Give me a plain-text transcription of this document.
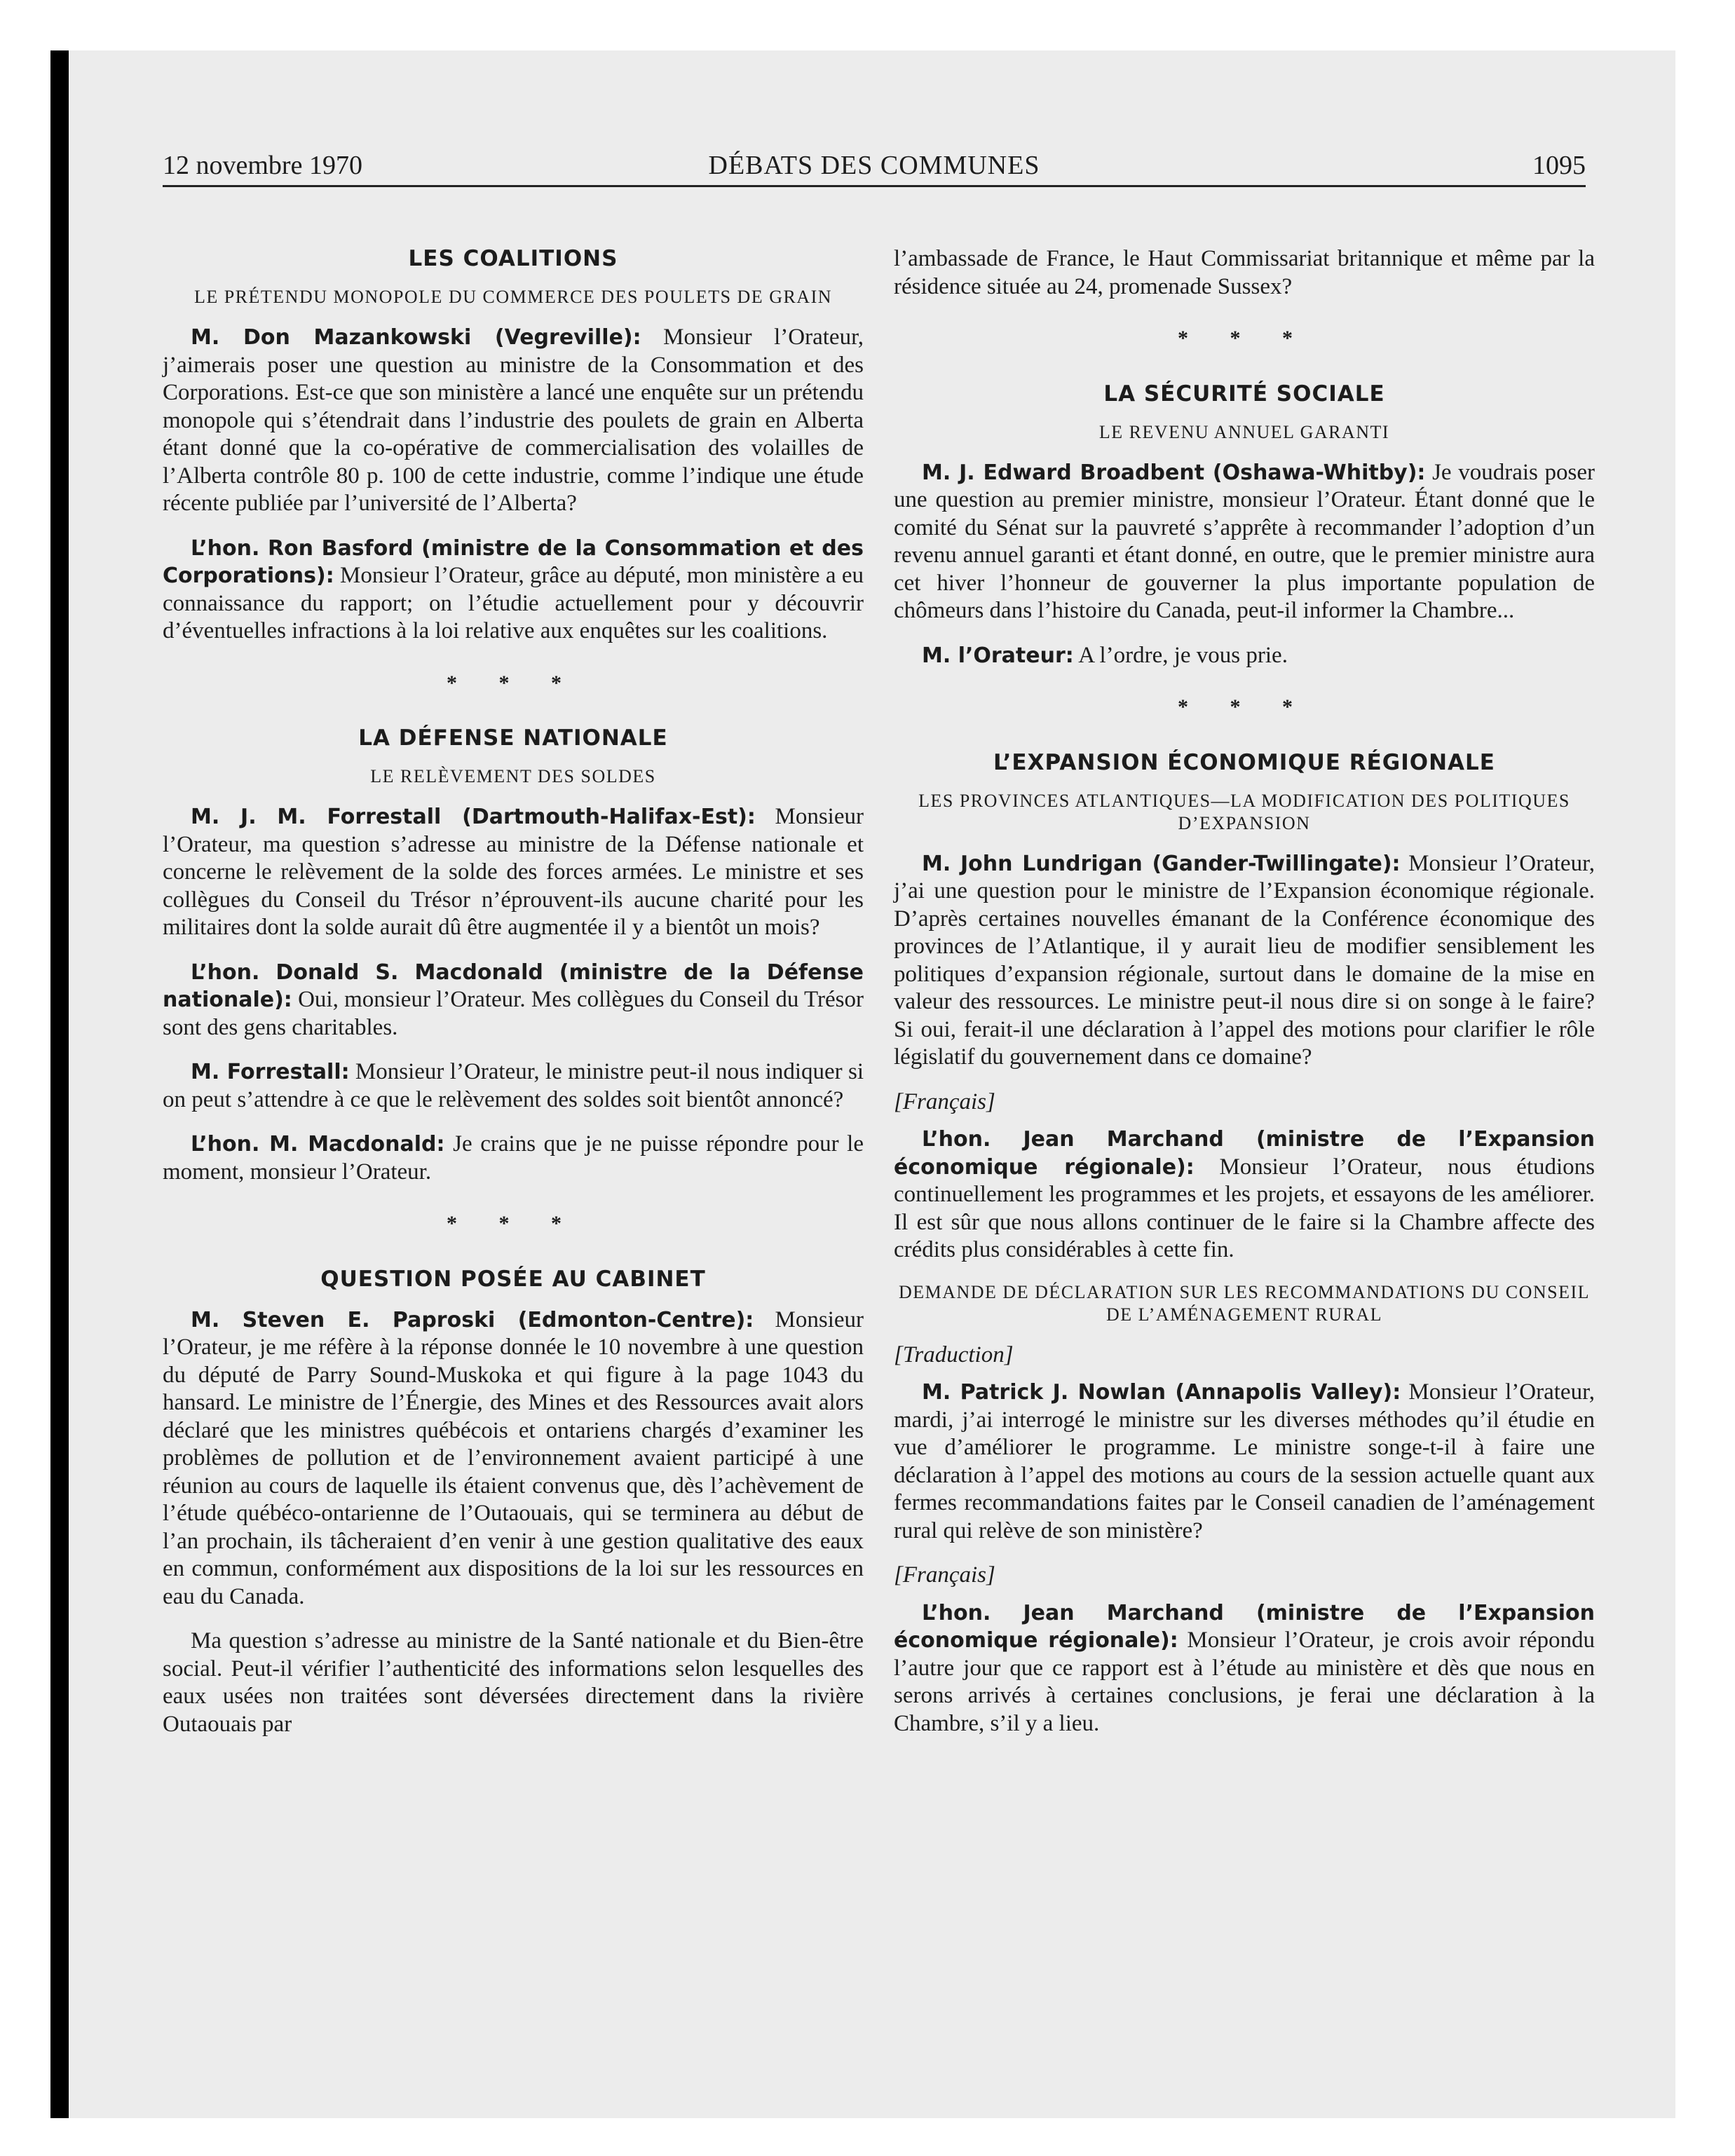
12 novembre 1970	DÉBATS DES COMMUNES	1095
LES COALITIONS
LE PRÉTENDU MONOPOLE DU COMMERCE DES POULETS DE GRAIN

M. Don Mazankowski (Vegreville): Monsieur l’Orateur, j’aimerais poser une question au ministre de la Consommation et des Corporations. Est-ce que son ministère a lancé une enquête sur un prétendu monopole qui s’étendrait dans l’industrie des poulets de grain en Alberta étant donné que la co-opérative de commercialisation des volailles de l’Alberta contrôle 80 p. 100 de cette industrie, comme l’indique une étude récente publiée par l’université de l’Alberta?

L’hon. Ron Basford (ministre de la Consommation et des Corporations): Monsieur l’Orateur, grâce au député, mon ministère a eu connaissance du rapport; on l’étudie actuellement pour y découvrir d’éventuelles infractions à la loi relative aux enquêtes sur les coalitions.

* * *
LA DÉFENSE NATIONALE
LE RELÈVEMENT DES SOLDES

M. J. M. Forrestall (Dartmouth-Halifax-Est): Monsieur l’Orateur, ma question s’adresse au ministre de la Défense nationale et concerne le relèvement de la solde des forces armées. Le ministre et ses collègues du Conseil du Trésor n’éprouvent-ils aucune charité pour les militaires dont la solde aurait dû être augmentée il y a bientôt un mois?

L’hon. Donald S. Macdonald (ministre de la Défense nationale): Oui, monsieur l’Orateur. Mes collègues du Conseil du Trésor sont des gens charitables.

M. Forrestall: Monsieur l’Orateur, le ministre peut-il nous indiquer si on peut s’attendre à ce que le relèvement des soldes soit bientôt annoncé?

L’hon. M. Macdonald: Je crains que je ne puisse répondre pour le moment, monsieur l’Orateur.

* * *
QUESTION POSÉE AU CABINET

M. Steven E. Paproski (Edmonton-Centre): Monsieur l’Orateur, je me réfère à la réponse donnée le 10 novembre à une question du député de Parry Sound-Muskoka et qui figure à la page 1043 du hansard. Le ministre de l’Énergie, des Mines et des Ressources avait alors déclaré que les ministres québécois et ontariens chargés d’examiner les problèmes de pollution et de l’environnement avaient participé à une réunion au cours de laquelle ils étaient convenus que, dès l’achèvement de l’étude québéco-ontarienne de l’Outaouais, qui se terminera au début de l’an prochain, ils tâcheraient d’en venir à une gestion qualitative des eaux en commun, conformément aux dispositions de la loi sur les ressources en eau du Canada.

Ma question s’adresse au ministre de la Santé nationale et du Bien-être social. Peut-il vérifier l’authenticité des informations selon lesquelles des eaux usées non traitées sont déversées directement dans la rivière Outaouais par

l’ambassade de France, le Haut Commissariat britannique et même par la résidence située au 24, promenade Sussex?

* * *
LA SÉCURITÉ SOCIALE
LE REVENU ANNUEL GARANTI

M. J. Edward Broadbent (Oshawa-Whitby): Je voudrais poser une question au premier ministre, monsieur l’Orateur. Étant donné que le comité du Sénat sur la pauvreté s’apprête à recommander l’adoption d’un revenu annuel garanti et étant donné, en outre, que le premier ministre aura cet hiver l’honneur de gouverner la plus importante population de chômeurs dans l’histoire du Canada, peut-il informer la Chambre...

M. l’Orateur: A l’ordre, je vous prie.

* * *
L’EXPANSION ÉCONOMIQUE RÉGIONALE
LES PROVINCES ATLANTIQUES—LA MODIFICATION DES POLITIQUES D’EXPANSION

M. John Lundrigan (Gander-Twillingate): Monsieur l’Orateur, j’ai une question pour le ministre de l’Expansion économique régionale. D’après certaines nouvelles émanant de la Conférence économique des provinces de l’Atlantique, il y aurait lieu de modifier sensiblement les politiques d’expansion régionale, surtout dans le domaine de la mise en valeur des ressources. Le ministre peut-il nous dire si on songe à le faire? Si oui, ferait-il une déclaration à l’appel des motions pour clarifier le rôle législatif du gouvernement dans ce domaine?

[Français]

L’hon. Jean Marchand (ministre de l’Expansion économique régionale): Monsieur l’Orateur, nous étudions continuellement les programmes et les projets, et essayons de les améliorer. Il est sûr que nous allons continuer de le faire si la Chambre affecte des crédits plus considérables à cette fin.

DEMANDE DE DÉCLARATION SUR LES RECOMMANDATIONS DU CONSEIL DE L’AMÉNAGEMENT RURAL
[Traduction]

M. Patrick J. Nowlan (Annapolis Valley): Monsieur l’Orateur, mardi, j’ai interrogé le ministre sur les diverses méthodes qu’il étudie en vue d’améliorer le programme. Le ministre songe-t-il à faire une déclaration à l’appel des motions au cours de la session actuelle quant aux fermes recommandations faites par le Conseil canadien de l’aménagement rural qui relève de son ministère?

[Français]

L’hon. Jean Marchand (ministre de l’Expansion économique régionale): Monsieur l’Orateur, je crois avoir répondu l’autre jour que ce rapport est à l’étude au ministère et dès que nous en serons arrivés à certaines conclusions, je ferai une déclaration à la Chambre, s’il y a lieu.
